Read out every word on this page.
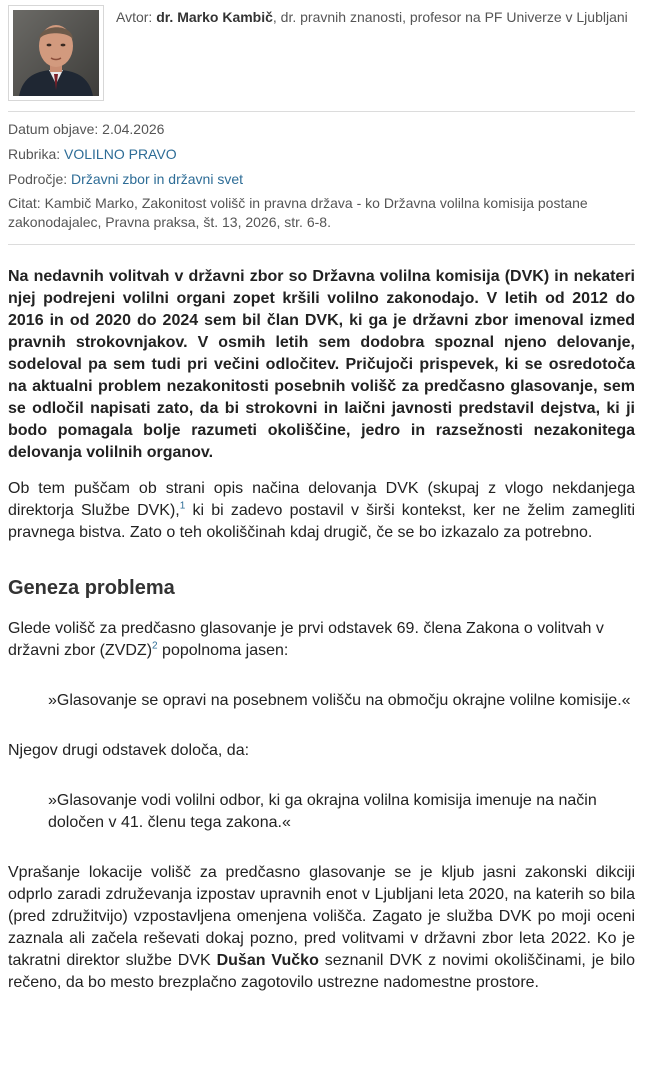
Avtor: dr. Marko Kambič, dr. pravnih znanosti, profesor na PF Univerze v Ljubljani
Datum objave: 2.04.2026
Rubrika: VOLILNO PRAVO
Področje: Državni zbor in državni svet
Citat: Kambič Marko, Zakonitost volišč in pravna država - ko Državna volilna komisija postane zakonodajalec, Pravna praksa, št. 13, 2026, str. 6-8.

Na nedavnih volitvah v državni zbor so Državna volilna komisija (DVK) in nekateri njej podrejeni volilni organi zopet kršili volilno zakonodajo. V letih od 2012 do 2016 in od 2020 do 2024 sem bil član DVK, ki ga je državni zbor imenoval izmed pravnih strokovnjakov. V osmih letih sem dodobra spoznal njeno delovanje, sodeloval pa sem tudi pri večini odločitev. Pričujoči prispevek, ki se osredotoča na aktualni problem nezakonitosti posebnih volišč za predčasno glasovanje, sem se odločil napisati zato, da bi strokovni in laični javnosti predstavil dejstva, ki ji bodo pomagala bolje razumeti okoliščine, jedro in razsežnosti nezakonitega delovanja volilnih organov.

Ob tem puščam ob strani opis načina delovanja DVK (skupaj z vlogo nekdanjega direktorja Službe DVK),$^1$ ki bi zadevo postavil v širši kontekst, ker ne želim zamegliti pravnega bistva. Zato o teh okoliščinah kdaj drugič, če se bo izkazalo za potrebno.

Geneza problema

Glede volišč za predčasno glasovanje je prvi odstavek 69. člena Zakona o volitvah v državni zbor (ZVDZ)$^2$ popolnoma jasen:

»Glasovanje se opravi na posebnem volišču na območju okrajne volilne komisije.«

Njegov drugi odstavek določa, da:

»Glasovanje vodi volilni odbor, ki ga okrajna volilna komisija imenuje na način določen v 41. členu tega zakona.«

Vprašanje lokacije volišč za predčasno glasovanje se je kljub jasni zakonski dikciji odprlo zaradi združevanja izpostav upravnih enot v Ljubljani leta 2020, na katerih so bila (pred združitvijo) vzpostavljena omenjena volišča. Zagato je služba DVK po moji oceni zaznala ali začela reševati dokaj pozno, pred volitvami v državni zbor leta 2022. Ko je takratni direktor službe DVK Dušan Vučko seznanil DVK z novimi okoliščinami, je bilo rečeno, da bo mesto brezplačno zagotovilo ustrezne nadomestne prostore.
